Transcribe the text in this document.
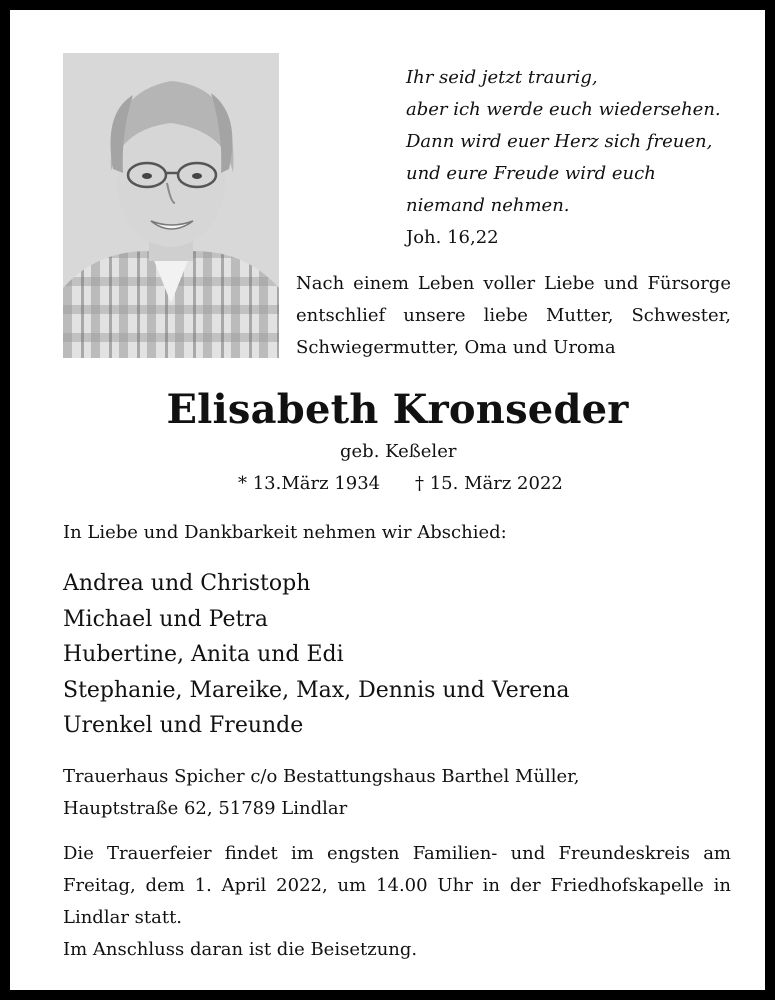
Ihr seid jetzt traurig,
aber ich werde euch wiedersehen.
Dann wird euer Herz sich freuen,
und eure Freude wird euch
niemand nehmen.
Joh. 16,22
Nach einem Leben voller Liebe und Fürsorge
entschlief unsere liebe Mutter, Schwester,
Schwiegermutter, Oma und Uroma
Elisabeth Kronseder
geb. Keßeler
* 13.März 1934 † 15. März 2022
In Liebe und Dankbarkeit nehmen wir Abschied:
Andrea und Christoph
Michael und Petra
Hubertine, Anita und Edi
Stephanie, Mareike, Max, Dennis und Verena
Urenkel und Freunde
Trauerhaus Spicher c/o Bestattungshaus Barthel Müller,
Hauptstraße 62, 51789 Lindlar
Die Trauerfeier findet im engsten Familien- und Freundeskreis am
Freitag, dem 1. April 2022, um 14.00 Uhr in der Friedhofskapelle in
Lindlar statt.
Im Anschluss daran ist die Beisetzung.
